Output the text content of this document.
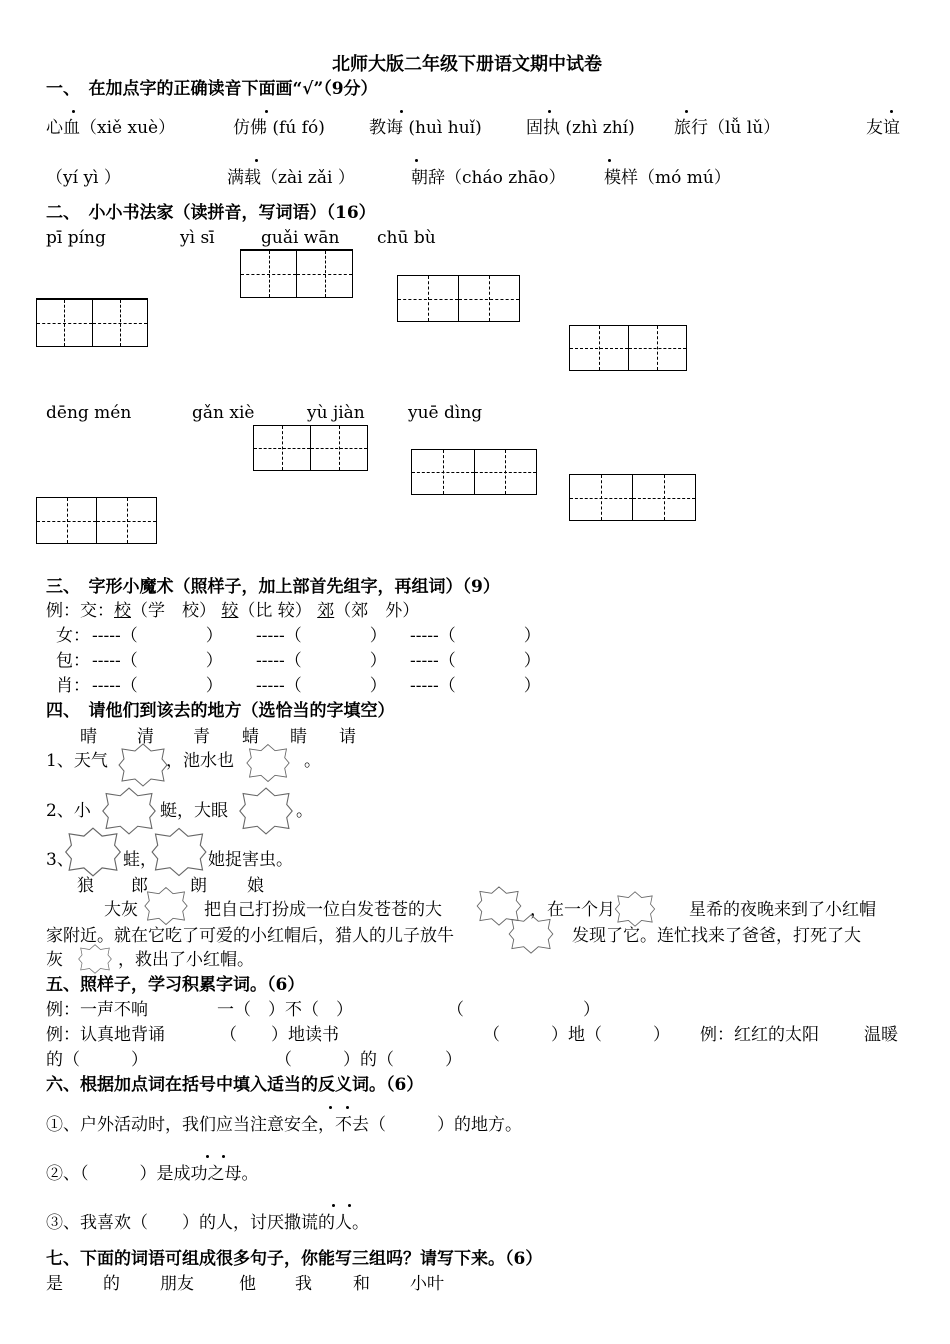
北师大版二年级下册语文期中试卷
一、　在加点字的正确读音下面画“√”（9分）
心血（xiě xuè）	仿佛 (fú fó)	教诲 (huì huǐ)	固执 (zhì zhí) 旅行（lǚ lǔ）	友谊
（yí yì ）	满载（zài zǎi ）	朝辞（cháo zhāo） 模样（mó mú）
二、　小小书法家（读拼音，写词语）（16）
pī píng	yì sī	guǎi wān chū bù
dēng mén	gǎn xiè	yù jiàn	yuē dìng
三、　字形小魔术（照样子，加上部首先组字，再组词）（9）
例：交：校（学　校） 较（比 较） 郊（郊　外）
女： -----（　　　　） -----（　　　　） -----（　　　　）
包： -----（　　　　） -----（　　　　） -----（　　　　）
肖： -----（　　　　） -----（　　　　） -----（　　　　）
四、　请他们到该去的地方（选恰当的字填空）
晴 清 青 蜻 睛 请
1、天气	，池水也	。
2、小	蜓，大眼	。
3、	蛙，	她捉害虫。
狼 郎 朗 娘
大灰	把自己打扮成一位白发苍苍的大	，在一个月	星希的夜晚来到了小红帽
家附近。就在它吃了可爱的小红帽后，猎人的儿子放牛	发现了它。连忙找来了爸爸，打死了大
灰	，救出了小红帽。
五、照样子，学习积累字词。（6）
例：一声不响	一（　）不（　）	（　　　　　　　）
例：认真地背诵	（　　）地读书	（　　　）地（　　　） 例：红红的太阳	温暖
的（　　　）	（　　　）的（　　　）
六、根据加点词在括号中填入适当的反义词。（6）
①、户外活动时，我们应当注意安全，不去（　　　）的地方。
②、（　　　）是成功之母。
③、我喜欢（　　）的人，讨厌撒谎的人。
七、下面的词语可组成很多句子，你能写三组吗？请写下来。（6）
是 的 朋友	他 我 和 小叶
